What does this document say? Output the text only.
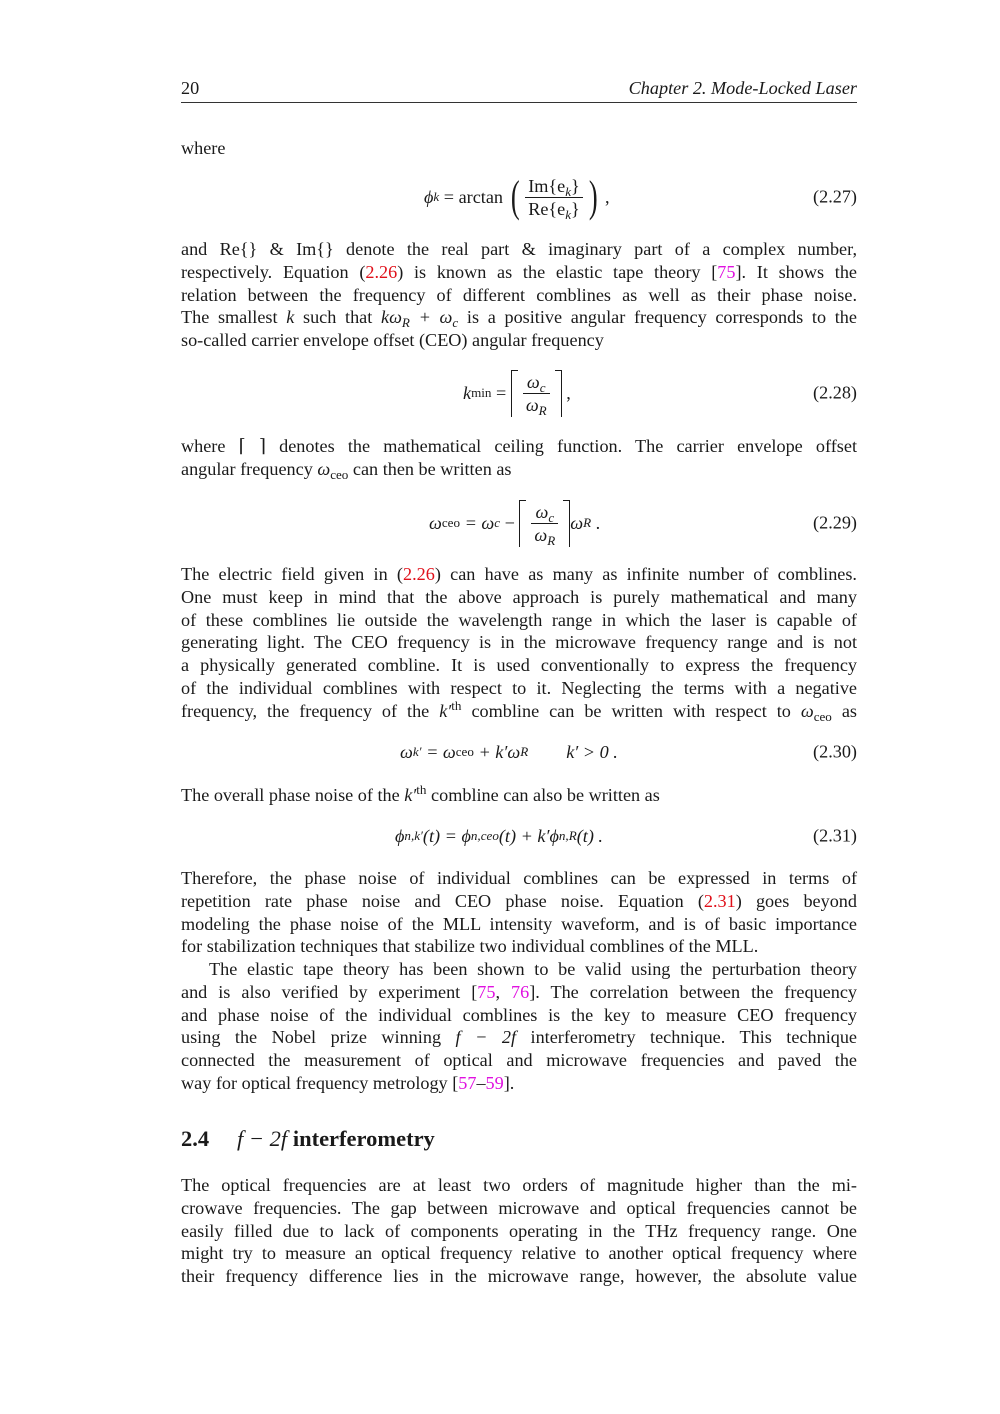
20	Chapter 2. Mode-Locked Laser

where

ϕ k = arctan ( $\frac{Im\{e_k\}}{Re\{e_k\}}$ ) ,	(2.27)

and Re{} & Im{} denote the real part & imaginary part of a complex number,
respectively. Equation (2.26) is known as the elastic tape theory [75]. It shows the
relation between the frequency of different comblines as well as their phase noise.
The smallest k such that $k\omega_R + \omega_c$ is a positive angular frequency corresponds to the
so-called carrier envelope offset (CEO) angular frequency

k $\min = \frac{\omega_c}{\omega_R}$ ,	(2.28)

where ⌈ ⌉ denotes the mathematical ceiling function. The carrier envelope offset
angular frequency $\omega_{ceo}$ can then be written as

ω ceo = ω $c - \frac{\omega_c}{\omega_R}$ ω R .	(2.29)

The electric field given in (2.26) can have as many as infinite number of comblines.
One must keep in mind that the above approach is purely mathematical and many
of these comblines lie outside the wavelength range in which the laser is capable of
generating light. The CEO frequency is in the microwave frequency range and is not
a physically generated combline. It is used conventionally to express the frequency
of the individual comblines with respect to it. Neglecting the terms with a negative
frequency, the frequency of the $k'^{th}$ combline can be written with respect to $\omega_{ceo}$ as

ω k′ = ω ceo + k′ω R k′ > 0 .	(2.30)

The overall phase noise of the $k'^{th}$ combline can also be written as

ϕ n,k′ (t) = ϕ n,ceo (t) + k′ϕ n,R (t) .	(2.31)

Therefore, the phase noise of individual comblines can be expressed in terms of
repetition rate phase noise and CEO phase noise. Equation (2.31) goes beyond
modeling the phase noise of the MLL intensity waveform, and is of basic importance
for stabilization techniques that stabilize two individual comblines of the MLL.

The elastic tape theory has been shown to be valid using the perturbation theory
and is also verified by experiment [75, 76]. The correlation between the frequency
and phase noise of the individual comblines is the key to measure CEO frequency
using the Nobel prize winning f − 2f interferometry technique. This technique
connected the measurement of optical and microwave frequencies and paved the
way for optical frequency metrology [57–59].

2.4 f − 2f interferometry

The optical frequencies are at least two orders of magnitude higher than the mi-
crowave frequencies. The gap between microwave and optical frequencies cannot be
easily filled due to lack of components operating in the THz frequency range. One
might try to measure an optical frequency relative to another optical frequency where
their frequency difference lies in the microwave range, however, the absolute value
